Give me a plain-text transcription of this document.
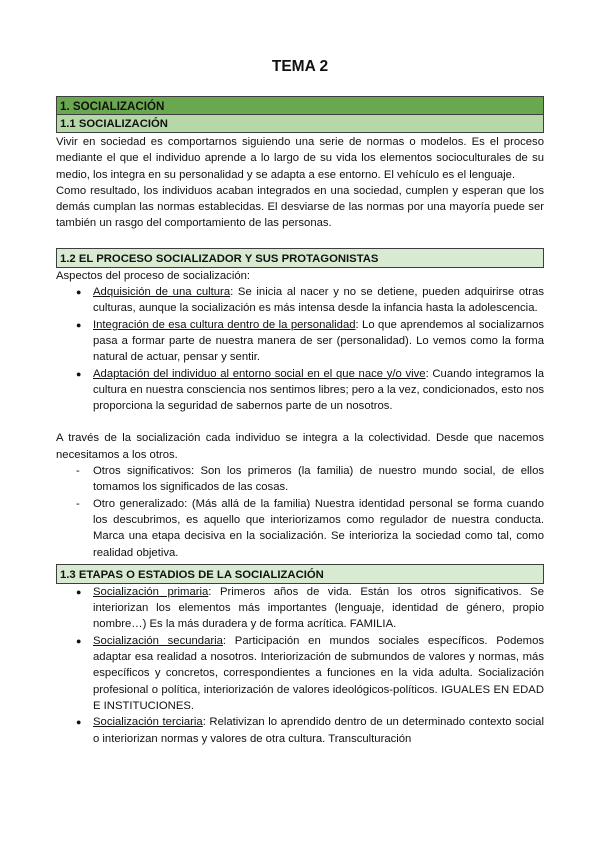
TEMA 2
1. SOCIALIZACIÓN
1.1 SOCIALIZACIÓN

Vivir en sociedad es comportarnos siguiendo una serie de normas o modelos. Es el proceso mediante el que el individuo aprende a lo largo de su vida los elementos socioculturales de su medio, los integra en su personalidad y se adapta a ese entorno. El vehículo es el lenguaje.

Como resultado, los individuos acaban integrados en una sociedad, cumplen y esperan que los demás cumplan las normas establecidas. El desviarse de las normas por una mayoría puede ser también un rasgo del comportamiento de las personas.

1.2 EL PROCESO SOCIALIZADOR Y SUS PROTAGONISTAS

Aspectos del proceso de socialización:

● Adquisición de una cultura: Se inicia al nacer y no se detiene, pueden adquirirse otras culturas, aunque la socialización es más intensa desde la infancia hasta la adolescencia.
● Integración de esa cultura dentro de la personalidad: Lo que aprendemos al socializarnos pasa a formar parte de nuestra manera de ser (personalidad). Lo vemos como la forma natural de actuar, pensar y sentir.
● Adaptación del individuo al entorno social en el que nace y/o vive: Cuando integramos la cultura en nuestra consciencia nos sentimos libres; pero a la vez, condicionados, esto nos proporciona la seguridad de sabernos parte de un nosotros.

A través de la socialización cada individuo se integra a la colectividad. Desde que nacemos necesitamos a los otros.

- Otros significativos: Son los primeros (la familia) de nuestro mundo social, de ellos tomamos los significados de las cosas.
- Otro generalizado: (Más allá de la familia) Nuestra identidad personal se forma cuando los descubrimos, es aquello que interiorizamos como regulador de nuestra conducta. Marca una etapa decisiva en la socialización. Se interioriza la sociedad como tal, como realidad objetiva.
1.3 ETAPAS O ESTADIOS DE LA SOCIALIZACIÓN
● Socialización primaria: Primeros años de vida. Están los otros significativos. Se interiorizan los elementos más importantes (lenguaje, identidad de género, propio nombre…) Es la más duradera y de forma acrítica. FAMILIA.
● Socialización secundaria: Participación en mundos sociales específicos. Podemos adaptar esa realidad a nosotros. Interiorización de submundos de valores y normas, más específicos y concretos, correspondientes a funciones en la vida adulta. Socialización profesional o política, interiorización de valores ideológicos-políticos. IGUALES EN EDAD E INSTITUCIONES.
● Socialización terciaria: Relativizan lo aprendido dentro de un determinado contexto social o interiorizan normas y valores de otra cultura. Transculturación
